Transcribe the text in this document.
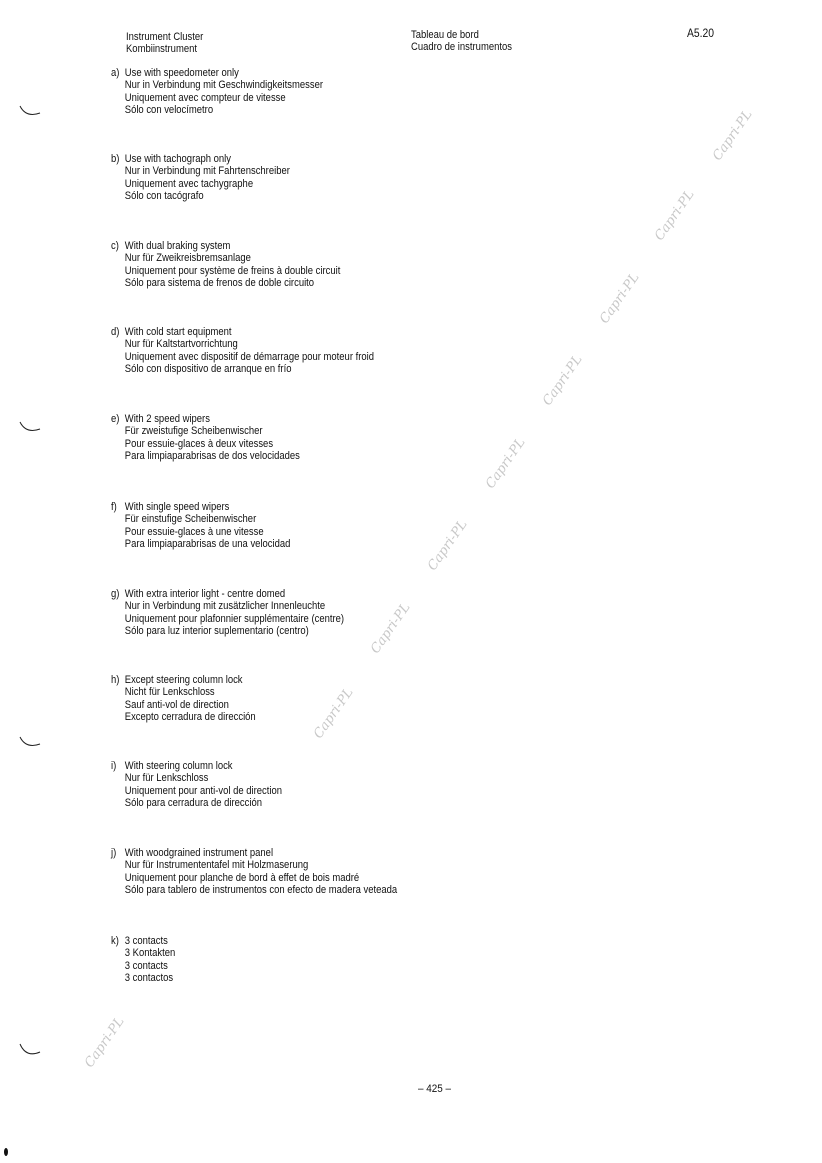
Instrument Cluster
Kombiinstrument
Tableau de bord
Cuadro de instrumentos
A5.20
a) Use with speedometer only
Nur in Verbindung mit Geschwindigkeitsmesser
Uniquement avec compteur de vitesse
Sólo con velocímetro
b) Use with tachograph only
Nur in Verbindung mit Fahrtenschreiber
Uniquement avec tachygraphe
Sólo con tacógrafo
c) With dual braking system
Nur für Zweikreisbremsanlage
Uniquement pour système de freins à double circuit
Sólo para sistema de frenos de doble circuito
d) With cold start equipment
Nur für Kaltstartvorrichtung
Uniquement avec dispositif de démarrage pour moteur froid
Sólo con dispositivo de arranque en frío
e) With 2 speed wipers
Für zweistufige Scheibenwischer
Pour essuie-glaces à deux vitesses
Para limpiaparabrisas de dos velocidades
f) With single speed wipers
Für einstufige Scheibenwischer
Pour essuie-glaces à une vitesse
Para limpiaparabrisas de una velocidad
g) With extra interior light - centre domed
Nur in Verbindung mit zusätzlicher Innenleuchte
Uniquement pour plafonnier supplémentaire (centre)
Sólo para luz interior suplementario (centro)
h) Except steering column lock
Nicht für Lenkschloss
Sauf anti-vol de direction
Excepto cerradura de dirección
i) With steering column lock
Nur für Lenkschloss
Uniquement pour anti-vol de direction
Sólo para cerradura de dirección
j) With woodgrained instrument panel
Nur für Instrumententafel mit Holzmaserung
Uniquement pour planche de bord à effet de bois madré
Sólo para tablero de instrumentos con efecto de madera veteada
k) 3 contacts
3 Kontakten
3 contacts
3 contactos
– 425 –
Capri-PL
Capri-PL
Capri-PL
Capri-PL
Capri-PL
Capri-PL
Capri-PL
Capri-PL
Capri-PL
